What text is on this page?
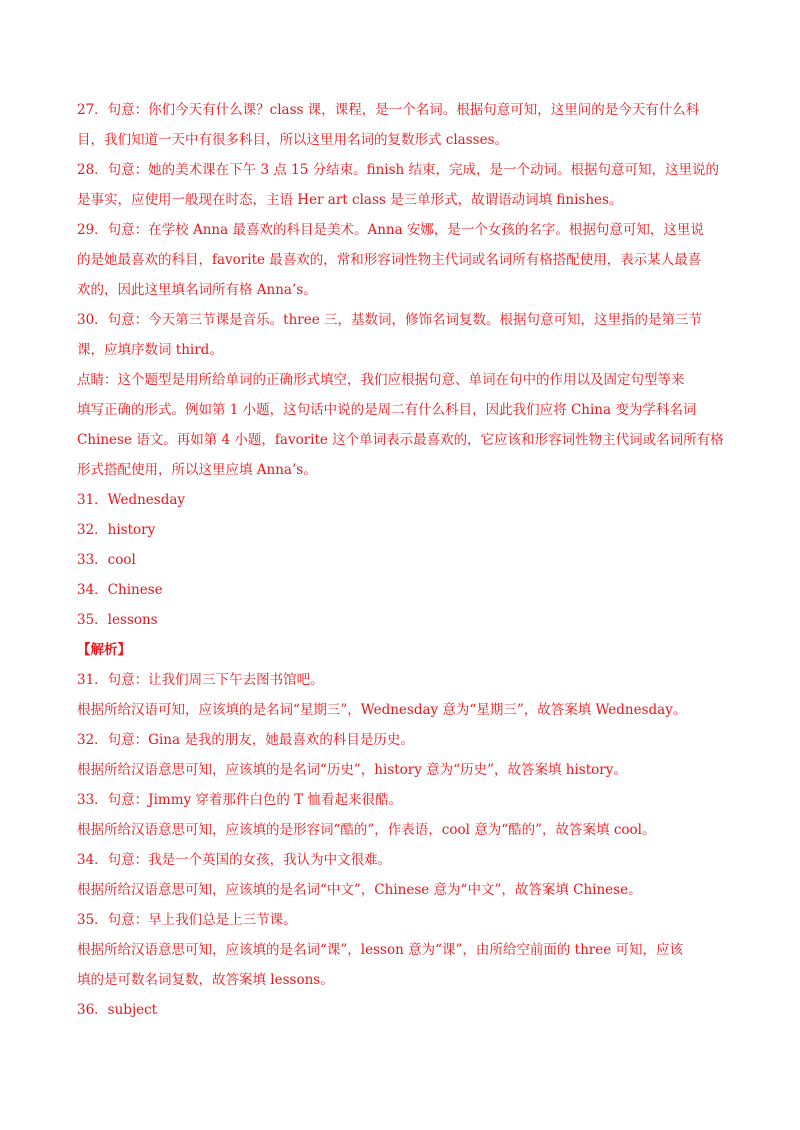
27．句意：你们今天有什么课？class 课，课程，是一个名词。根据句意可知，这里问的是今天有什么科
目，我们知道一天中有很多科目，所以这里用名词的复数形式 classes。
28．句意：她的美术课在下午 3 点 15 分结束。finish 结束，完成，是一个动词。根据句意可知，这里说的
是事实，应使用一般现在时态，主语 Her art class 是三单形式，故谓语动词填 finishes。
29．句意：在学校 Anna 最喜欢的科目是美术。Anna 安娜，是一个女孩的名字。根据句意可知，这里说
的是她最喜欢的科目，favorite 最喜欢的，常和形容词性物主代词或名词所有格搭配使用，表示某人最喜
欢的，因此这里填名词所有格 Anna’s。
30．句意：今天第三节课是音乐。three 三，基数词，修饰名词复数。根据句意可知，这里指的是第三节
课，应填序数词 third。
点睛：这个题型是用所给单词的正确形式填空，我们应根据句意、单词在句中的作用以及固定句型等来
填写正确的形式。例如第 1 小题，这句话中说的是周二有什么科目，因此我们应将 China 变为学科名词
Chinese 语文。再如第 4 小题，favorite 这个单词表示最喜欢的，它应该和形容词性物主代词或名词所有格
形式搭配使用，所以这里应填 Anna’s。
31．Wednesday
32．history
33．cool
34．Chinese
35．lessons
【解析】
31．句意：让我们周三下午去图书馆吧。
根据所给汉语可知，应该填的是名词“星期三”，Wednesday 意为“星期三”，故答案填 Wednesday。
32．句意：Gina 是我的朋友，她最喜欢的科目是历史。
根据所给汉语意思可知，应该填的是名词“历史”，history 意为“历史”，故答案填 history。
33．句意：Jimmy 穿着那件白色的 T 恤看起来很酷。
根据所给汉语意思可知，应该填的是形容词“酷的”，作表语，cool 意为“酷的”，故答案填 cool。
34．句意：我是一个英国的女孩，我认为中文很难。
根据所给汉语意思可知，应该填的是名词“中文”，Chinese 意为“中文”，故答案填 Chinese。
35．句意：早上我们总是上三节课。
根据所给汉语意思可知，应该填的是名词“课”，lesson 意为“课”，由所给空前面的 three 可知，应该
填的是可数名词复数，故答案填 lessons。
36．subject
